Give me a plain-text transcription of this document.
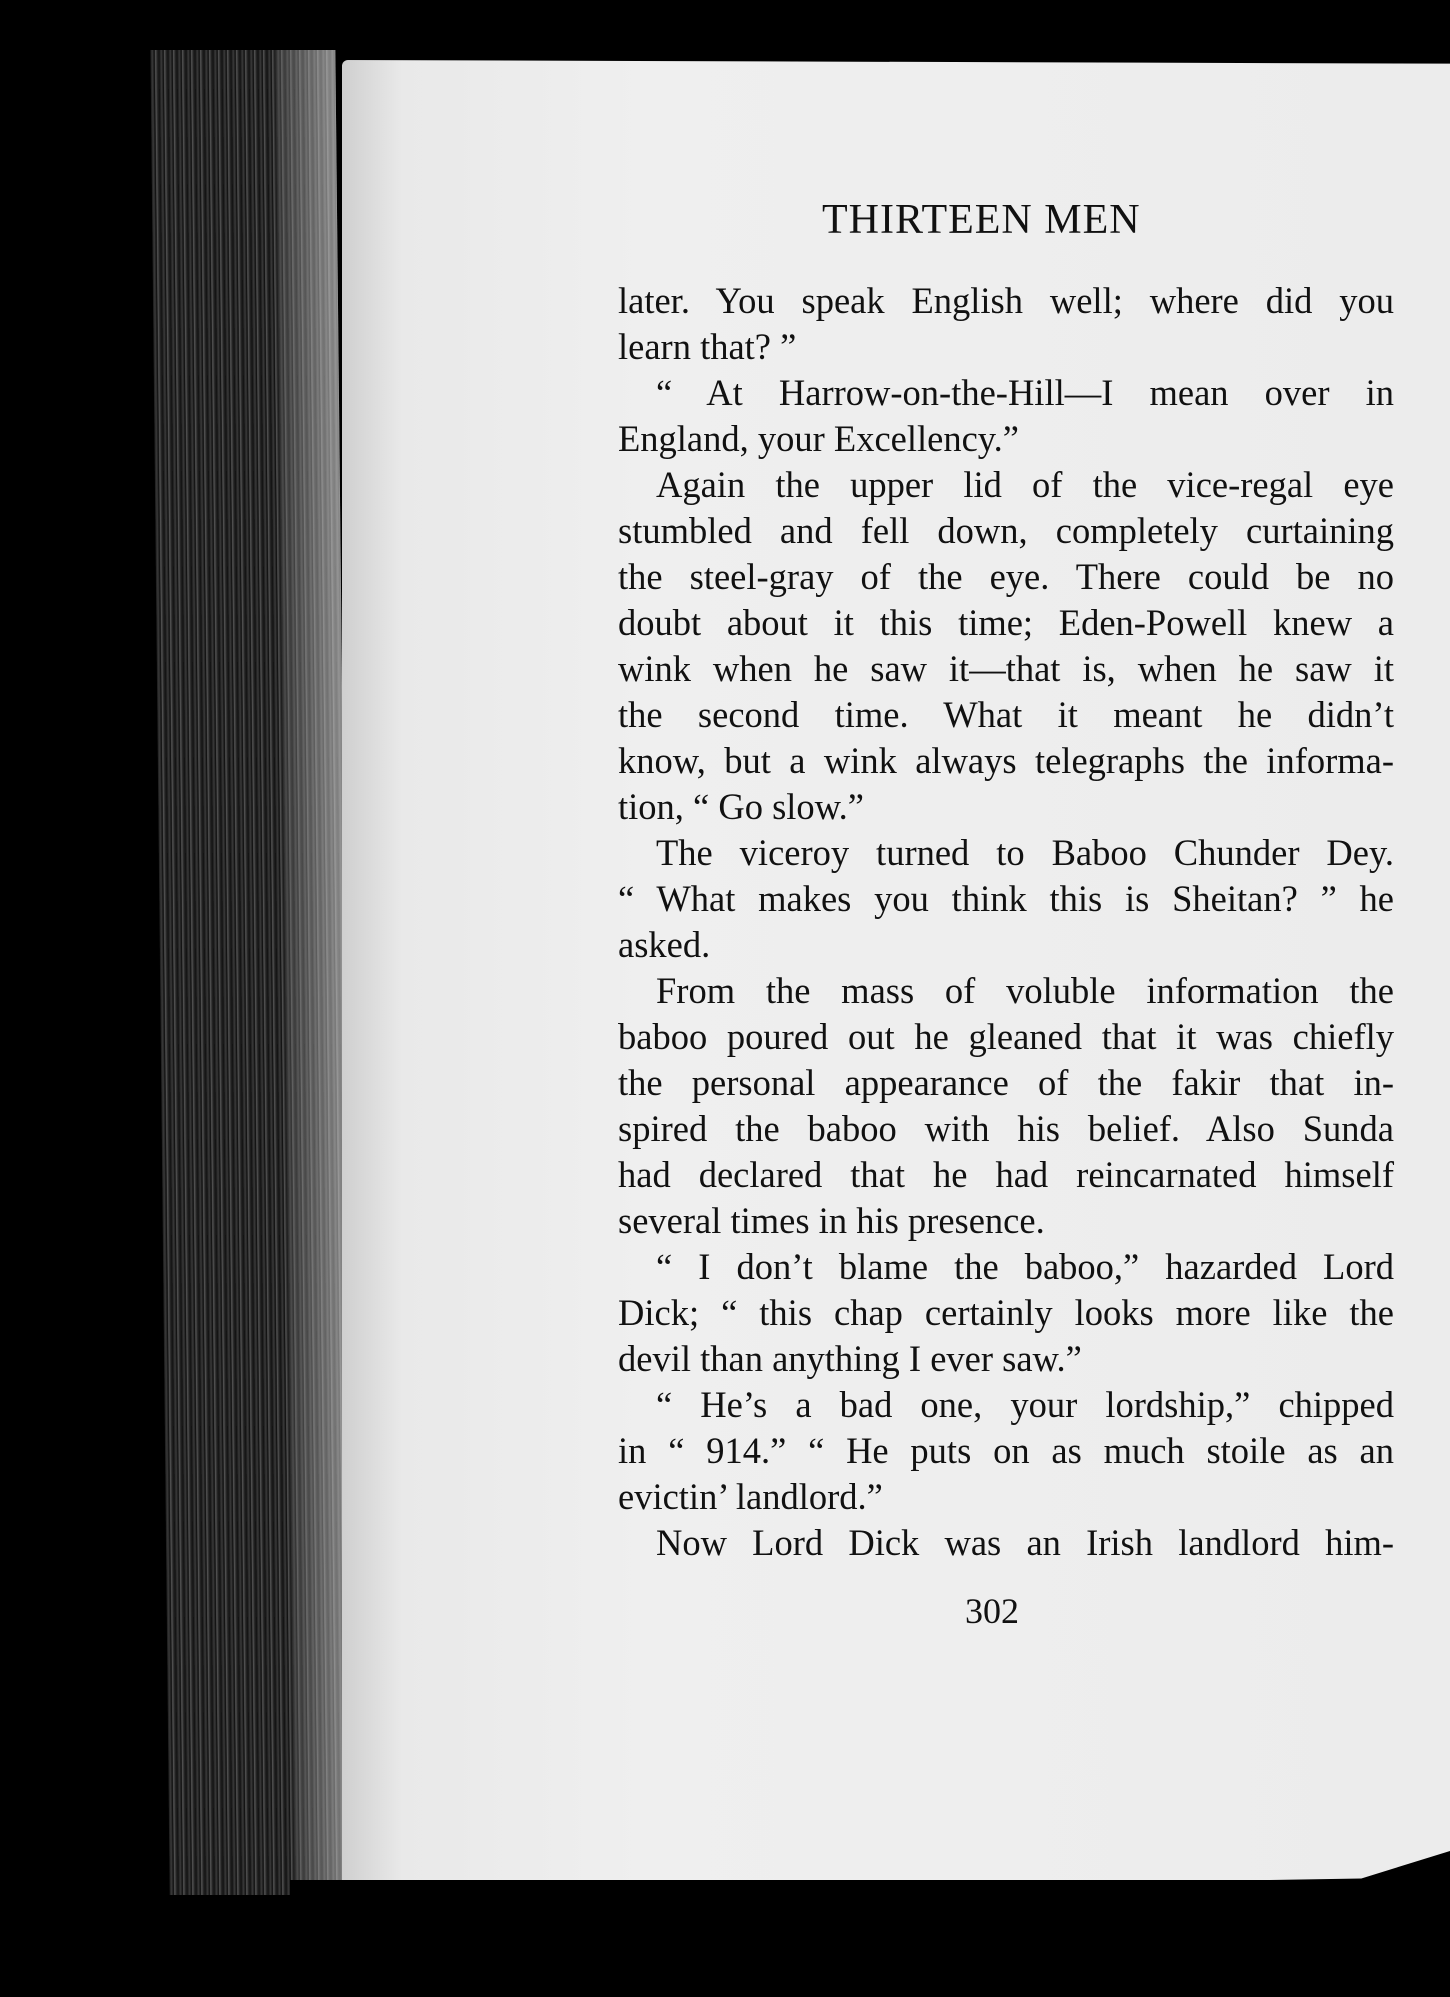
THIRTEEN MEN
later. You speak English well; where did you
learn that? ”
“ At Harrow-on-the-Hill—I mean over in
England, your Excellency.”
Again the upper lid of the vice-regal eye
stumbled and fell down, completely curtaining
the steel-gray of the eye. There could be no
doubt about it this time; Eden-Powell knew a
wink when he saw it—that is, when he saw it
the second time. What it meant he didn’t
know, but a wink always telegraphs the informa-
tion, “ Go slow.”
The viceroy turned to Baboo Chunder Dey.
“ What makes you think this is Sheitan? ” he
asked.
From the mass of voluble information the
baboo poured out he gleaned that it was chiefly
the personal appearance of the fakir that in-
spired the baboo with his belief. Also Sunda
had declared that he had reincarnated himself
several times in his presence.
“ I don’t blame the baboo,” hazarded Lord
Dick; “ this chap certainly looks more like the
devil than anything I ever saw.”
“ He’s a bad one, your lordship,” chipped
in “ 914.” “ He puts on as much stoile as an
evictin’ landlord.”
Now Lord Dick was an Irish landlord him-
302
